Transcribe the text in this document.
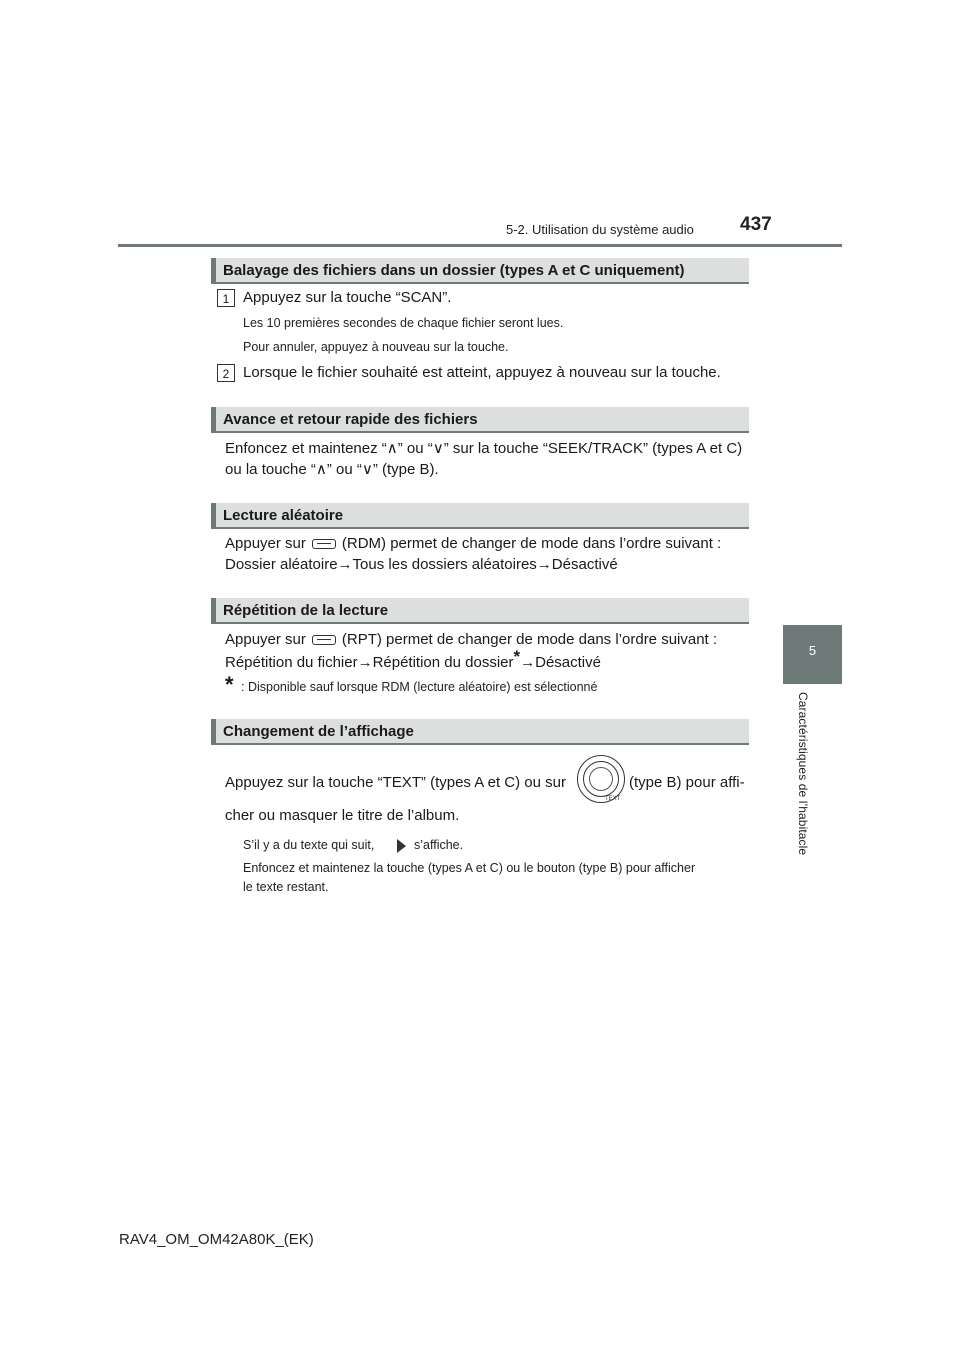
5-2. Utilisation du système audio 437
5
Caractéristiques de l’habitacle
Balayage des fichiers dans un dossier (types A et C uniquement)
1 Appuyez sur la touche “SCAN”.
Les 10 premières secondes de chaque fichier seront lues.
Pour annuler, appuyez à nouveau sur la touche.
2 Lorsque le fichier souhaité est atteint, appuyez à nouveau sur la touche.
Avance et retour rapide des fichiers
Enfoncez et maintenez “∧” ou “∨” sur la touche “SEEK/TRACK” (types A et C)
ou la touche “∧” ou “∨” (type B).
Lecture aléatoire
Appuyer sur (RDM) permet de changer de mode dans l’ordre suivant :
Dossier aléatoire→Tous les dossiers aléatoires→Désactivé
Répétition de la lecture
Appuyer sur (RPT) permet de changer de mode dans l’ordre suivant :
Répétition du fichier→Répétition du dossier*→Désactivé
* : Disponible sauf lorsque RDM (lecture aléatoire) est sélectionné
Changement de l’affichage
Appuyez sur la touche “TEXT” (types A et C) ou sur
TEXT
(type B) pour affi-
cher ou masquer le titre de l’album.
S’il y a du texte qui suit,	s’affiche.
Enfoncez et maintenez la touche (types A et C) ou le bouton (type B) pour afficher
le texte restant.
RAV4_OM_OM42A80K_(EK)
